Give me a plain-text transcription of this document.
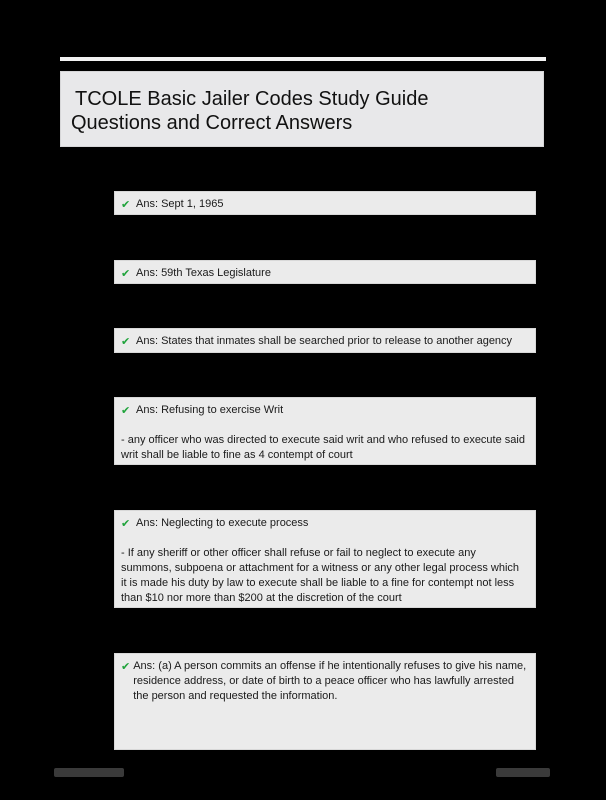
TCOLE Basic Jailer Codes Study Guide
Questions and Correct Answers
✔ Ans: Sept 1, 1965
✔ Ans: 59th Texas Legislature
✔ Ans: States that inmates shall be searched prior to release to another agency
✔ Ans: Refusing to exercise Writ
- any officer who was directed to execute said writ and who refused to execute said writ shall be liable to fine as 4 contempt of court
✔ Ans: Neglecting to execute process
- If any sheriff or other officer shall refuse or fail to neglect to execute any summons, subpoena or attachment for a witness or any other legal process which it is made his duty by law to execute shall be liable to a fine for contempt not less than $10 nor more than $200 at the discretion of the court
✔ Ans: (a) A person commits an offense if he intentionally refuses to give his name, residence address, or date of birth to a peace officer who has lawfully arrested the person and requested the information.
